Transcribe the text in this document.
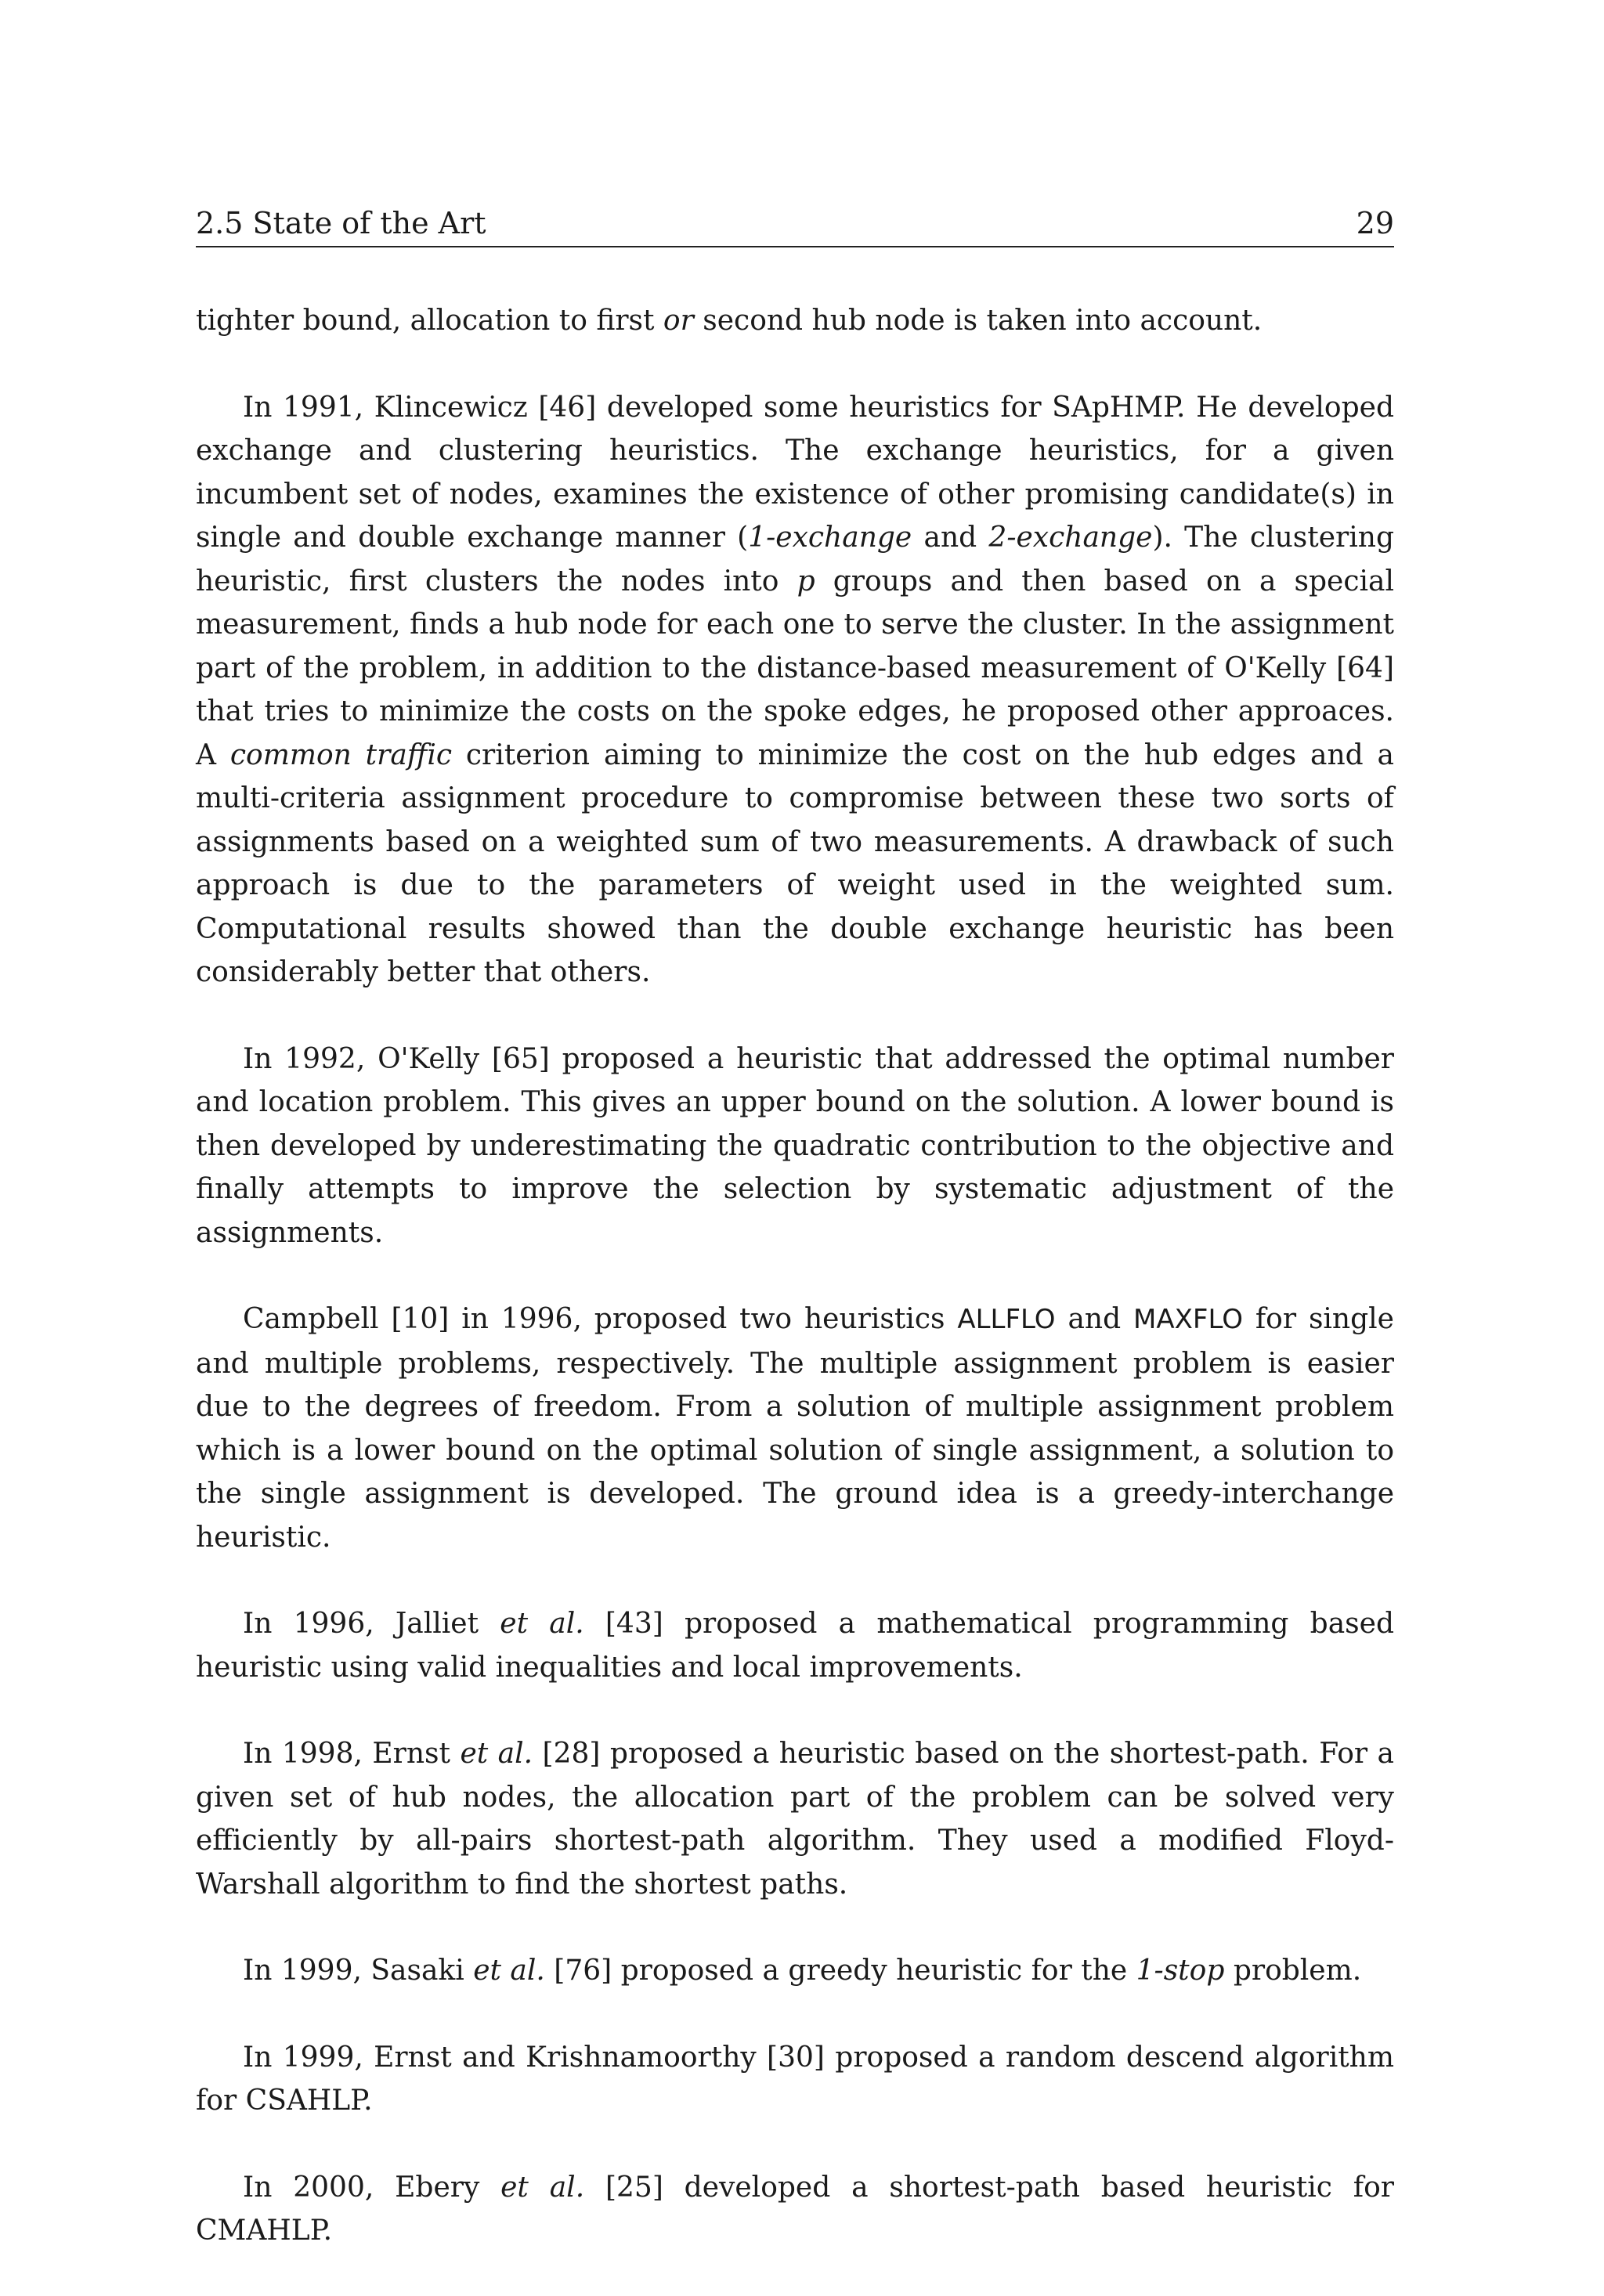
2.5 State of the Art	29

tighter bound, allocation to first or second hub node is taken into account.

In 1991, Klincewicz [46] developed some heuristics for SApHMP. He developed exchange and clustering heuristics. The exchange heuristics, for a given incumbent set of nodes, examines the existence of other promising candidate(s) in single and double exchange manner (1-exchange and 2-exchange). The clustering heuristic, first clusters the nodes into p groups and then based on a special measurement, finds a hub node for each one to serve the cluster. In the assignment part of the problem, in addition to the distance-based measurement of O'Kelly [64] that tries to minimize the costs on the spoke edges, he proposed other approaces. A common traffic criterion aiming to minimize the cost on the hub edges and a multi-criteria assignment procedure to compromise between these two sorts of assignments based on a weighted sum of two measurements. A drawback of such approach is due to the parameters of weight used in the weighted sum. Computational results showed than the double exchange heuristic has been considerably better that others.

In 1992, O'Kelly [65] proposed a heuristic that addressed the optimal number and location problem. This gives an upper bound on the solution. A lower bound is then developed by underestimating the quadratic contribution to the objective and finally attempts to improve the selection by systematic adjustment of the assignments.

Campbell [10] in 1996, proposed two heuristics ALLFLO and MAXFLO for single and multiple problems, respectively. The multiple assignment problem is easier due to the degrees of freedom. From a solution of multiple assignment problem which is a lower bound on the optimal solution of single assignment, a solution to the single assignment is developed. The ground idea is a greedy-interchange heuristic.

In 1996, Jalliet et al. [43] proposed a mathematical programming based heuristic using valid inequalities and local improvements.

In 1998, Ernst et al. [28] proposed a heuristic based on the shortest-path. For a given set of hub nodes, the allocation part of the problem can be solved very efficiently by all-pairs shortest-path algorithm. They used a modified Floyd-Warshall algorithm to find the shortest paths.

In 1999, Sasaki et al. [76] proposed a greedy heuristic for the 1-stop problem.

In 1999, Ernst and Krishnamoorthy [30] proposed a random descend algorithm for CSAHLP.

In 2000, Ebery et al. [25] developed a shortest-path based heuristic for CMAHLP.
